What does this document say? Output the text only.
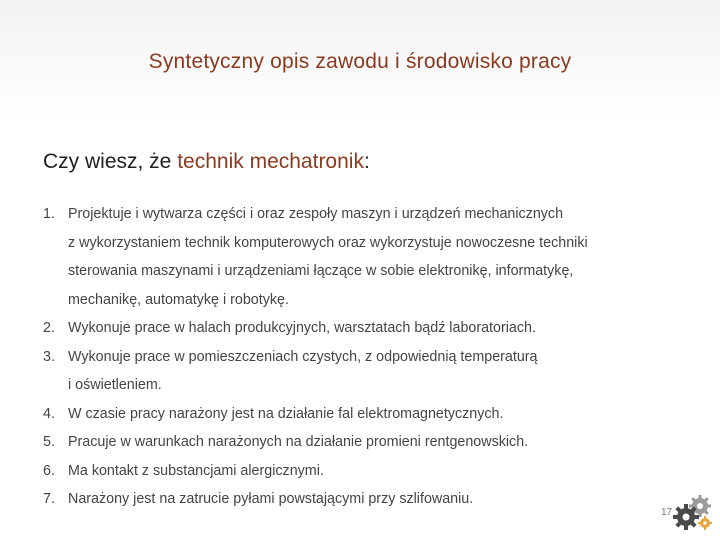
Syntetyczny opis zawodu i środowisko pracy
Czy wiesz, że technik mechatronik:
1. Projektuje i wytwarza części i oraz zespoły maszyn i urządzeń mechanicznych
z wykorzystaniem technik komputerowych oraz wykorzystuje nowoczesne techniki
sterowania maszynami i urządzeniami łączące w sobie elektronikę, informatykę,
mechanikę, automatykę i robotykę.
2. Wykonuje prace w halach produkcyjnych, warsztatach bądź laboratoriach.
3. Wykonuje prace w pomieszczeniach czystych, z odpowiednią temperaturą
i oświetleniem.
4. W czasie pracy narażony jest na działanie fal elektromagnetycznych.
5. Pracuje w warunkach narażonych na działanie promieni rentgenowskich.
6. Ma kontakt z substancjami alergicznymi.
7. Narażony jest na zatrucie pyłami powstającymi przy szlifowaniu.
17
